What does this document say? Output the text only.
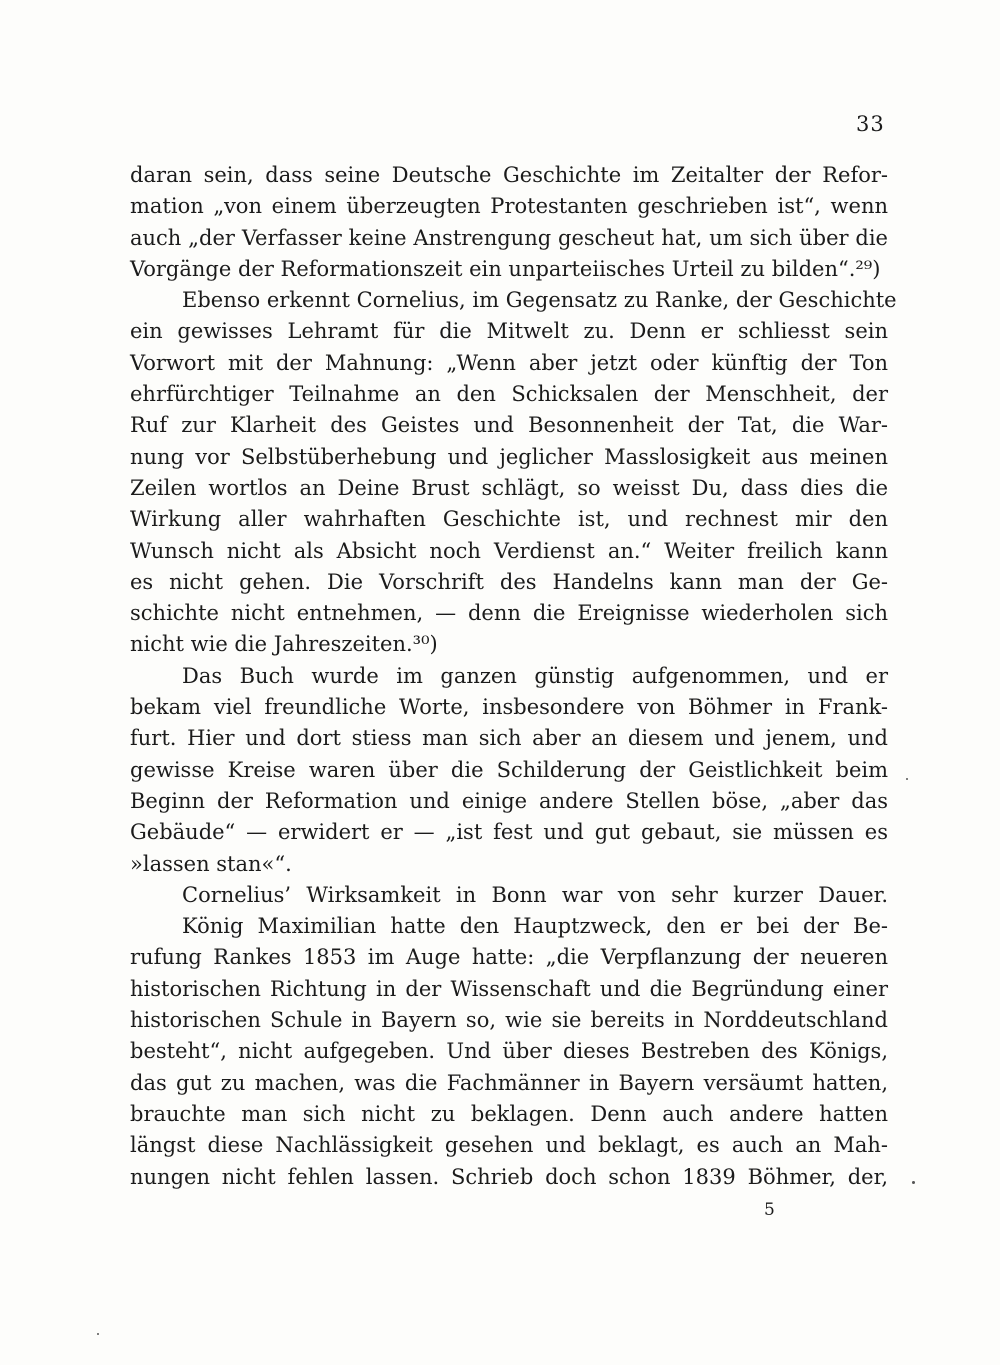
33
daran sein, dass seine Deutsche Geschichte im Zeitalter der Refor-
mation „von einem überzeugten Protestanten geschrieben ist“, wenn
auch „der Verfasser keine Anstrengung gescheut hat, um sich über die
Vorgänge der Reformationszeit ein unparteiisches Urteil zu bilden“.²⁹)
Ebenso erkennt Cornelius, im Gegensatz zu Ranke, der Geschichte
ein gewisses Lehramt für die Mitwelt zu. Denn er schliesst sein
Vorwort mit der Mahnung: „Wenn aber jetzt oder künftig der Ton
ehrfürchtiger Teilnahme an den Schicksalen der Menschheit, der
Ruf zur Klarheit des Geistes und Besonnenheit der Tat, die War-
nung vor Selbstüberhebung und jeglicher Masslosigkeit aus meinen
Zeilen wortlos an Deine Brust schlägt, so weisst Du, dass dies die
Wirkung aller wahrhaften Geschichte ist, und rechnest mir den
Wunsch nicht als Absicht noch Verdienst an.“ Weiter freilich kann
es nicht gehen. Die Vorschrift des Handelns kann man der Ge-
schichte nicht entnehmen, — denn die Ereignisse wiederholen sich
nicht wie die Jahreszeiten.³⁰)
Das Buch wurde im ganzen günstig aufgenommen, und er
bekam viel freundliche Worte, insbesondere von Böhmer in Frank-
furt. Hier und dort stiess man sich aber an diesem und jenem, und
gewisse Kreise waren über die Schilderung der Geistlichkeit beim
Beginn der Reformation und einige andere Stellen böse, „aber das
Gebäude“ — erwidert er — „ist fest und gut gebaut, sie müssen es
»lassen stan«“.
Cornelius’ Wirksamkeit in Bonn war von sehr kurzer Dauer.
König Maximilian hatte den Hauptzweck, den er bei der Be-
rufung Rankes 1853 im Auge hatte: „die Verpflanzung der neueren
historischen Richtung in der Wissenschaft und die Begründung einer
historischen Schule in Bayern so, wie sie bereits in Norddeutschland
besteht“, nicht aufgegeben. Und über dieses Bestreben des Königs,
das gut zu machen, was die Fachmänner in Bayern versäumt hatten,
brauchte man sich nicht zu beklagen. Denn auch andere hatten
längst diese Nachlässigkeit gesehen und beklagt, es auch an Mah-
nungen nicht fehlen lassen. Schrieb doch schon 1839 Böhmer, der,
5
